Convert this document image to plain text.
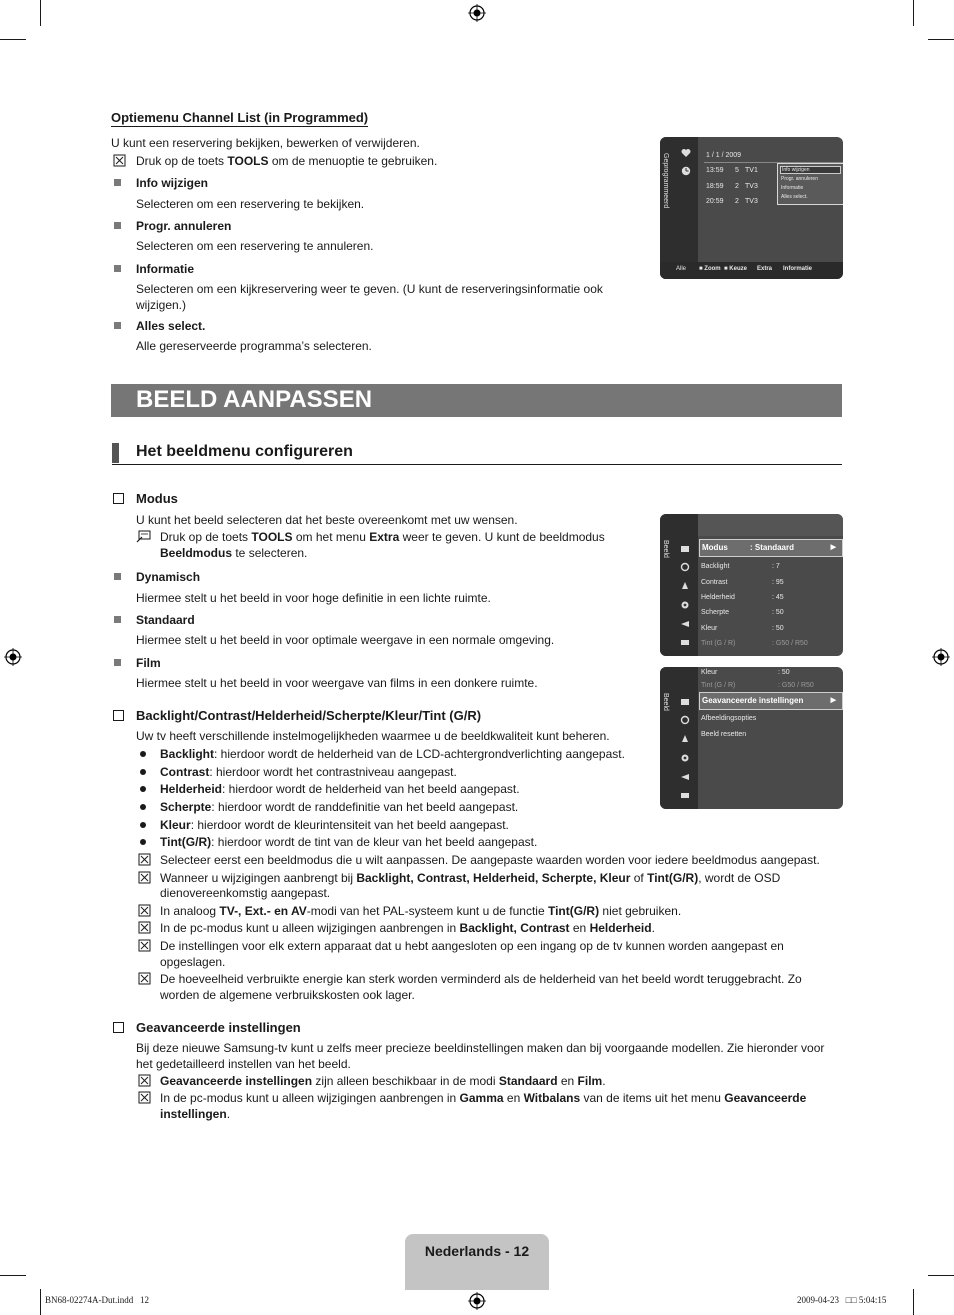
Optiemenu Channel List (in Programmed)
U kunt een reservering bekijken, bewerken of verwijderen.
Druk op de toets TOOLS om de menuoptie te gebruiken.
Info wijzigen
Selecteren om een reservering te bekijken.
Progr. annuleren
Selecteren om een reservering te annuleren.
Informatie
Selecteren om een kijkreservering weer te geven. (U kunt de reserveringsinformatie ook wijzigen.)
Alles select.
Alle gereserveerde programma’s selecteren.
Geprogrammeerd	1 / 1 / 2009
13:59 5 TV1
18:59 2 TV3
20:59 2 TV3
Info wijzigen
Progr. annuleren
Informatie
Alles select.
Alle ■ Zoom ■ Keuze Extra Informatie
BEELD AANPASSEN
Het beeldmenu configureren
Modus
U kunt het beeld selecteren dat het beste overeenkomt met uw wensen.
Druk op de toets TOOLS om het menu Extra weer te geven. U kunt de beeldmodus
Beeldmodus te selecteren.
Dynamisch
Hiermee stelt u het beeld in voor hoge definitie in een lichte ruimte.
Standaard
Hiermee stelt u het beeld in voor optimale weergave in een normale omgeving.
Film
Hiermee stelt u het beeld in voor weergave van films in een donkere ruimte.
Beeld	Modus	: Standaard	▶
Backlight	: 7
Contrast	: 95
Helderheid	: 45
Scherpte	: 50
Kleur	: 50
Tint (G / R)	: G50 / R50
Beeld
Kleur	: 50
Tint (G / R)	: G50 / R50
Geavanceerde instellingen	▶
Afbeeldingsopties
Beeld resetten
Backlight/Contrast/Helderheid/Scherpte/Kleur/Tint (G/R)
Uw tv heeft verschillende instelmogelijkheden waarmee u de beeldkwaliteit kunt beheren.
Backlight: hierdoor wordt de helderheid van de LCD-achtergrondverlichting aangepast.
Contrast: hierdoor wordt het contrastniveau aangepast.
Helderheid: hierdoor wordt de helderheid van het beeld aangepast.
Scherpte: hierdoor wordt de randdefinitie van het beeld aangepast.
Kleur: hierdoor wordt de kleurintensiteit van het beeld aangepast.
Tint(G/R): hierdoor wordt de tint van de kleur van het beeld aangepast.
Selecteer eerst een beeldmodus die u wilt aanpassen. De aangepaste waarden worden voor iedere beeldmodus aangepast.
Wanneer u wijzigingen aanbrengt bij Backlight, Contrast, Helderheid, Scherpte, Kleur of Tint(G/R), wordt de OSD
dienovereenkomstig aangepast.
In analoog TV-, Ext.- en AV-modi van het PAL-systeem kunt u de functie Tint(G/R) niet gebruiken.
In de pc-modus kunt u alleen wijzigingen aanbrengen in Backlight, Contrast en Helderheid.
De instellingen voor elk extern apparaat dat u hebt aangesloten op een ingang op de tv kunnen worden aangepast en opgeslagen.
De hoeveelheid verbruikte energie kan sterk worden verminderd als de helderheid van het beeld wordt teruggebracht. Zo worden de algemene verbruikskosten ook lager.
Geavanceerde instellingen
Bij deze nieuwe Samsung-tv kunt u zelfs meer precieze beeldinstellingen maken dan bij voorgaande modellen. Zie hieronder voor het gedetailleerd instellen van het beeld.
Geavanceerde instellingen zijn alleen beschikbaar in de modi Standaard en Film.
In de pc-modus kunt u alleen wijzigingen aanbrengen in Gamma en Witbalans van de items uit het menu Geavanceerde
instellingen.
Nederlands - 12
BN68-02274A-Dut.indd   12	2009-04-23   □□ 5:04:15
